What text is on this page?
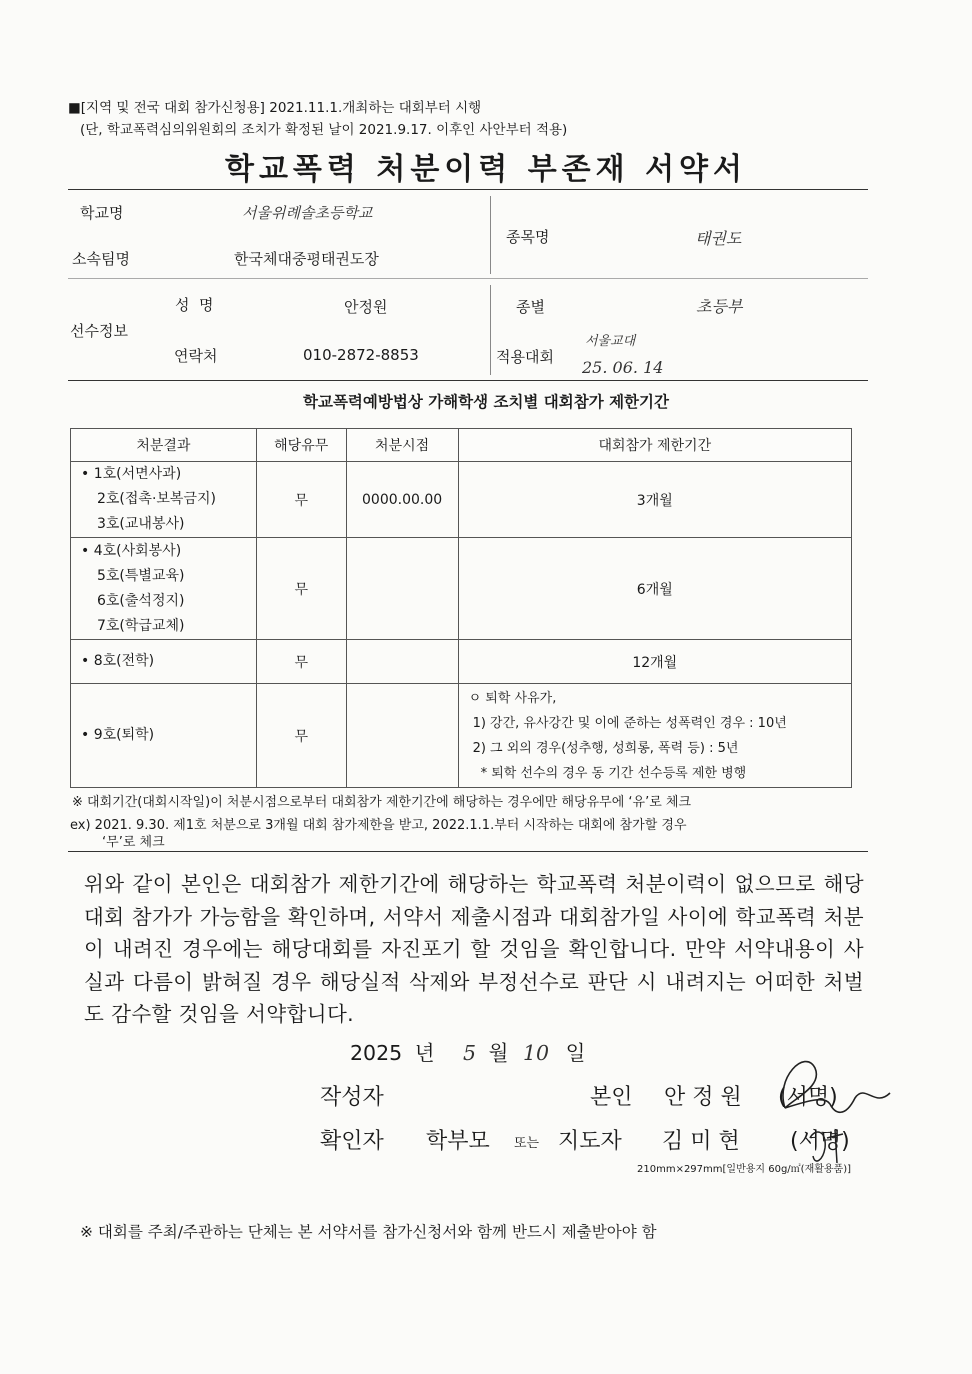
■[지역 및 전국 대회 참가신청용] 2021.11.1.개최하는 대회부터 시행
(단, 학교폭력심의위원회의 조치가 확정된 날이 2021.9.17. 이후인 사안부터 적용)
학교폭력 처분이력 부존재 서약서
학교명	서울위례솔초등학교
소속팀명	한국체대중평태권도장
종목명	태권도
선수정보
성  명	안정원	종별	초등부
연락처	010-2872-8853	적용대회
서울교대
25. 06. 14
학교폭력예방법상 가해학생 조치별 대회참가 제한기간
처분결과	해당유무	처분시점	대회참가 제한기간

• 1호(서면사과)
2호(접촉·보복금지)
3호(교내봉사)	무	0000.00.00	3개월

• 4호(사회봉사)
5호(특별교육)
6호(출석정지)
7호(학급교체)	무		6개월

• 8호(전학)	무		12개월

• 9호(퇴학)	무		ㅇ 퇴학 사유가,
1) 강간, 유사강간 및 이에 준하는 성폭력인 경우 : 10년
2) 그 외의 경우(성추행, 성희롱, 폭력 등) : 5년
* 퇴학 선수의 경우 동 기간 선수등록 제한 병행
※ 대회기간(대회시작일)이 처분시점으로부터 대회참가 제한기간에 해당하는 경우에만 해당유무에 ‘유’로 체크
ex) 2021. 9.30. 제1호 처분으로 3개월 대회 참가제한을 받고, 2022.1.1.부터 시작하는 대회에 참가할 경우
‘무’로 체크
위와 같이 본인은 대회참가 제한기간에 해당하는 학교폭력 처분이력이 없으므로 해당 대회 참가가 가능함을 확인하며, 서약서 제출시점과 대회참가일 사이에 학교폭력 처분이 내려진 경우에는 해당대회를 자진포기 할 것임을 확인합니다. 만약 서약내용이 사실과 다름이 밝혀질 경우 해당실적 삭제와 부정선수로 판단 시 내려지는 어떠한 처벌도 감수할 것임을 서약합니다.
2025 년 5 월 10 일
작성자	본인 안 정 원 (서명)
확인자 학부모 또는 지도자 김 미 현 (서명)
210mm×297mm[일반용지 60g/㎡(재활용품)]
※ 대회를 주최/주관하는 단체는 본 서약서를 참가신청서와 함께 반드시 제출받아야 함
